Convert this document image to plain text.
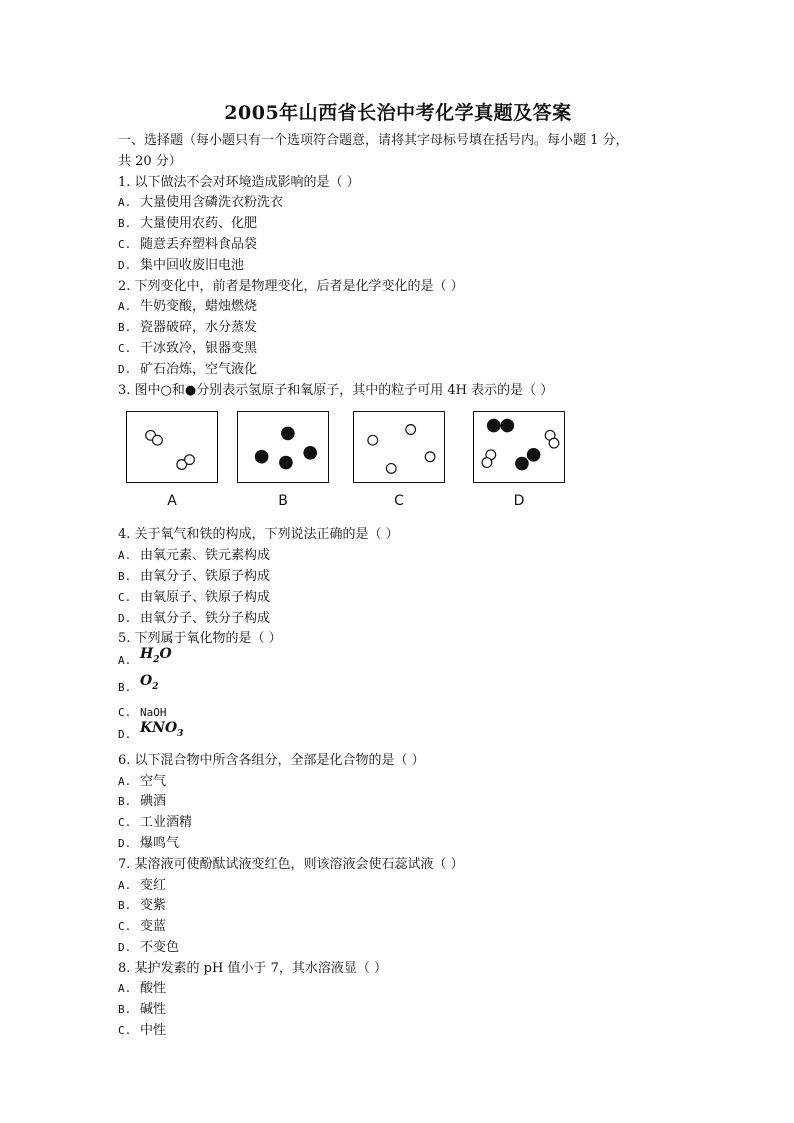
2005年山西省长治中考化学真题及答案
一、选择题（每小题只有一个选项符合题意，请将其字母标号填在括号内。每小题 1 分，
共 20 分）
1. 以下做法不会对环境造成影响的是（ ）
A. 大量使用含磷洗衣粉洗衣
B. 大量使用农药、化肥
C. 随意丢弃塑料食品袋
D. 集中回收废旧电池
2. 下列变化中，前者是物理变化，后者是化学变化的是（ ）
A. 牛奶变酸，蜡烛燃烧
B. 瓷器破碎，水分蒸发
C. 干冰致冷，银器变黑
D. 矿石冶炼，空气液化
3. 图中○和●分别表示氢原子和氧原子，其中的粒子可用 4H 表示的是（ ）
A	B	C	D
4. 关于氧气和铁的构成，下列说法正确的是（ ）
A. 由氧元素、铁元素构成
B. 由氧分子、铁原子构成
C. 由氧原子、铁原子构成
D. 由氧分子、铁分子构成
5. 下列属于氧化物的是（ ）
A. $H_2O$
B. $O_2$
C. NaOH
D. $KNO_3$
6. 以下混合物中所含各组分，全部是化合物的是（ ）
A. 空气
B. 碘酒
C. 工业酒精
D. 爆鸣气
7. 某溶液可使酚酞试液变红色，则该溶液会使石蕊试液（ ）
A. 变红
B. 变紫
C. 变蓝
D. 不变色
8. 某护发素的 pH 值小于 7，其水溶液显（ ）
A. 酸性
B. 碱性
C. 中性
